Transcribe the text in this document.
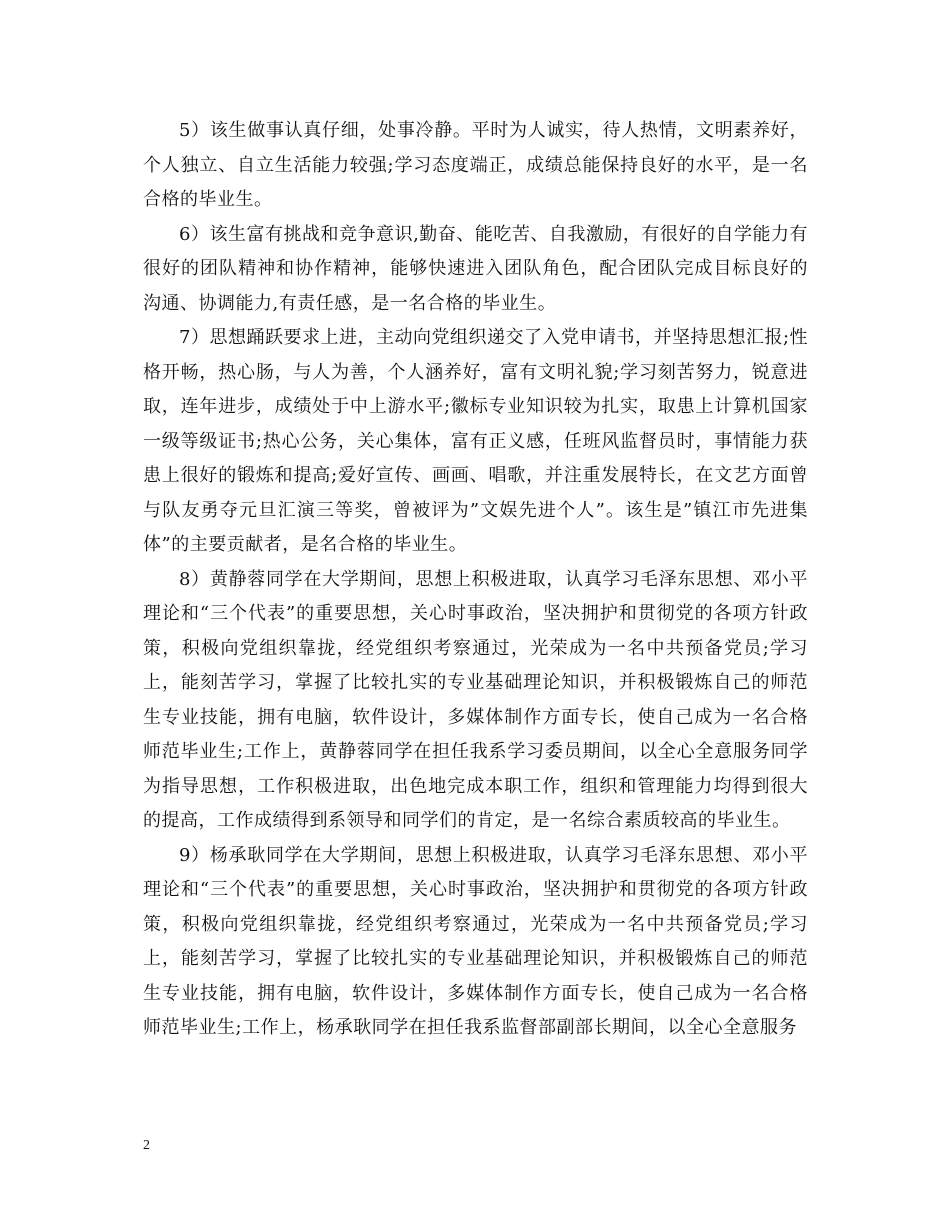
5）该生做事认真仔细，处事冷静。平时为人诚实，待人热情，文明素养好，个人独立、自立生活能力较强;学习态度端正，成绩总能保持良好的水平，是一名合格的毕业生。

6）该生富有挑战和竞争意识,勤奋、能吃苦、自我激励，有很好的自学能力有很好的团队精神和协作精神，能够快速进入团队角色，配合团队完成目标良好的沟通、协调能力,有责任感，是一名合格的毕业生。

7）思想踊跃要求上进，主动向党组织递交了入党申请书，并坚持思想汇报;性格开畅，热心肠，与人为善，个人涵养好，富有文明礼貌;学习刻苦努力，锐意进取，连年进步，成绩处于中上游水平;徽标专业知识较为扎实，取患上计算机国家一级等级证书;热心公务，关心集体，富有正义感，任班风监督员时，事情能力获患上很好的锻炼和提高;爱好宣传、画画、唱歌，并注重发展特长，在文艺方面曾与队友勇夺元旦汇演三等奖，曾被评为”文娱先进个人”。该生是”镇江市先进集体”的主要贡献者，是名合格的毕业生。

8）黄静蓉同学在大学期间，思想上积极进取，认真学习毛泽东思想、邓小平理论和“三个代表”的重要思想，关心时事政治，坚决拥护和贯彻党的各项方针政策，积极向党组织靠拢，经党组织考察通过，光荣成为一名中共预备党员;学习上，能刻苦学习，掌握了比较扎实的专业基础理论知识，并积极锻炼自己的师范生专业技能，拥有电脑，软件设计，多媒体制作方面专长，使自己成为一名合格师范毕业生;工作上，黄静蓉同学在担任我系学习委员期间，以全心全意服务同学为指导思想，工作积极进取，出色地完成本职工作，组织和管理能力均得到很大的提高，工作成绩得到系领导和同学们的肯定，是一名综合素质较高的毕业生。

9）杨承耿同学在大学期间，思想上积极进取，认真学习毛泽东思想、邓小平理论和“三个代表”的重要思想，关心时事政治，坚决拥护和贯彻党的各项方针政策，积极向党组织靠拢，经党组织考察通过，光荣成为一名中共预备党员;学习上，能刻苦学习，掌握了比较扎实的专业基础理论知识，并积极锻炼自己的师范生专业技能，拥有电脑，软件设计，多媒体制作方面专长，使自己成为一名合格师范毕业生;工作上，杨承耿同学在担任我系监督部副部长期间，以全心全意服务

2
